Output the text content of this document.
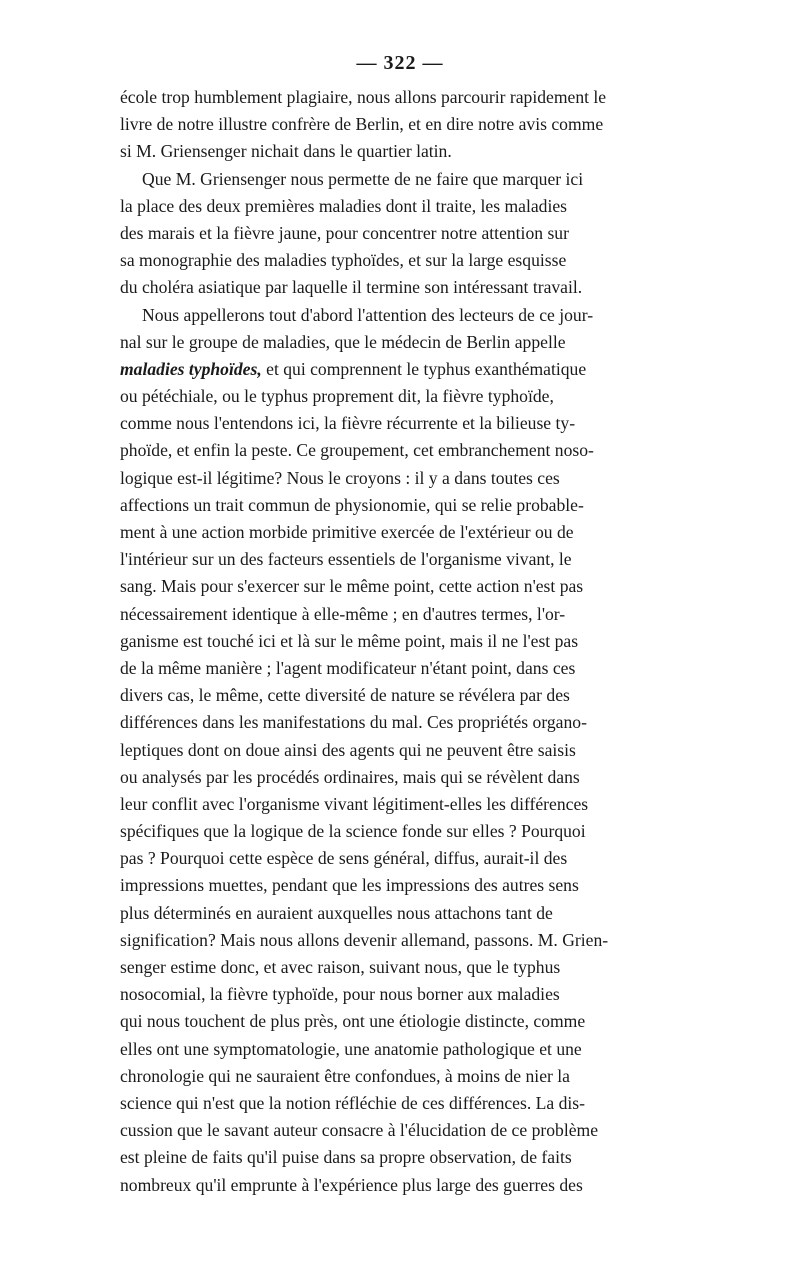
— 322 —
école trop humblement plagiaire, nous allons parcourir rapidement le
livre de notre illustre confrère de Berlin, et en dire notre avis comme
si M. Griensenger nichait dans le quartier latin.
Que M. Griensenger nous permette de ne faire que marquer ici
la place des deux premières maladies dont il traite, les maladies
des marais et la fièvre jaune, pour concentrer notre attention sur
sa monographie des maladies typhoïdes, et sur la large esquisse
du choléra asiatique par laquelle il termine son intéressant travail.
Nous appellerons tout d'abord l'attention des lecteurs de ce jour-
nal sur le groupe de maladies, que le médecin de Berlin appelle
maladies typhoïdes, et qui comprennent le typhus exanthématique
ou pétéchiale, ou le typhus proprement dit, la fièvre typhoïde,
comme nous l'entendons ici, la fièvre récurrente et la bilieuse ty-
phoïde, et enfin la peste. Ce groupement, cet embranchement noso-
logique est-il légitime? Nous le croyons : il y a dans toutes ces
affections un trait commun de physionomie, qui se relie probable-
ment à une action morbide primitive exercée de l'extérieur ou de
l'intérieur sur un des facteurs essentiels de l'organisme vivant, le
sang. Mais pour s'exercer sur le même point, cette action n'est pas
nécessairement identique à elle-même ; en d'autres termes, l'or-
ganisme est touché ici et là sur le même point, mais il ne l'est pas
de la même manière ; l'agent modificateur n'étant point, dans ces
divers cas, le même, cette diversité de nature se révélera par des
différences dans les manifestations du mal. Ces propriétés organo-
leptiques dont on doue ainsi des agents qui ne peuvent être saisis
ou analysés par les procédés ordinaires, mais qui se révèlent dans
leur conflit avec l'organisme vivant légitiment-elles les différences
spécifiques que la logique de la science fonde sur elles ? Pourquoi
pas ? Pourquoi cette espèce de sens général, diffus, aurait-il des
impressions muettes, pendant que les impressions des autres sens
plus déterminés en auraient auxquelles nous attachons tant de
signification? Mais nous allons devenir allemand, passons. M. Grien-
senger estime donc, et avec raison, suivant nous, que le typhus
nosocomial, la fièvre typhoïde, pour nous borner aux maladies
qui nous touchent de plus près, ont une étiologie distincte, comme
elles ont une symptomatologie, une anatomie pathologique et une
chronologie qui ne sauraient être confondues, à moins de nier la
science qui n'est que la notion réfléchie de ces différences. La dis-
cussion que le savant auteur consacre à l'élucidation de ce problème
est pleine de faits qu'il puise dans sa propre observation, de faits
nombreux qu'il emprunte à l'expérience plus large des guerres des
